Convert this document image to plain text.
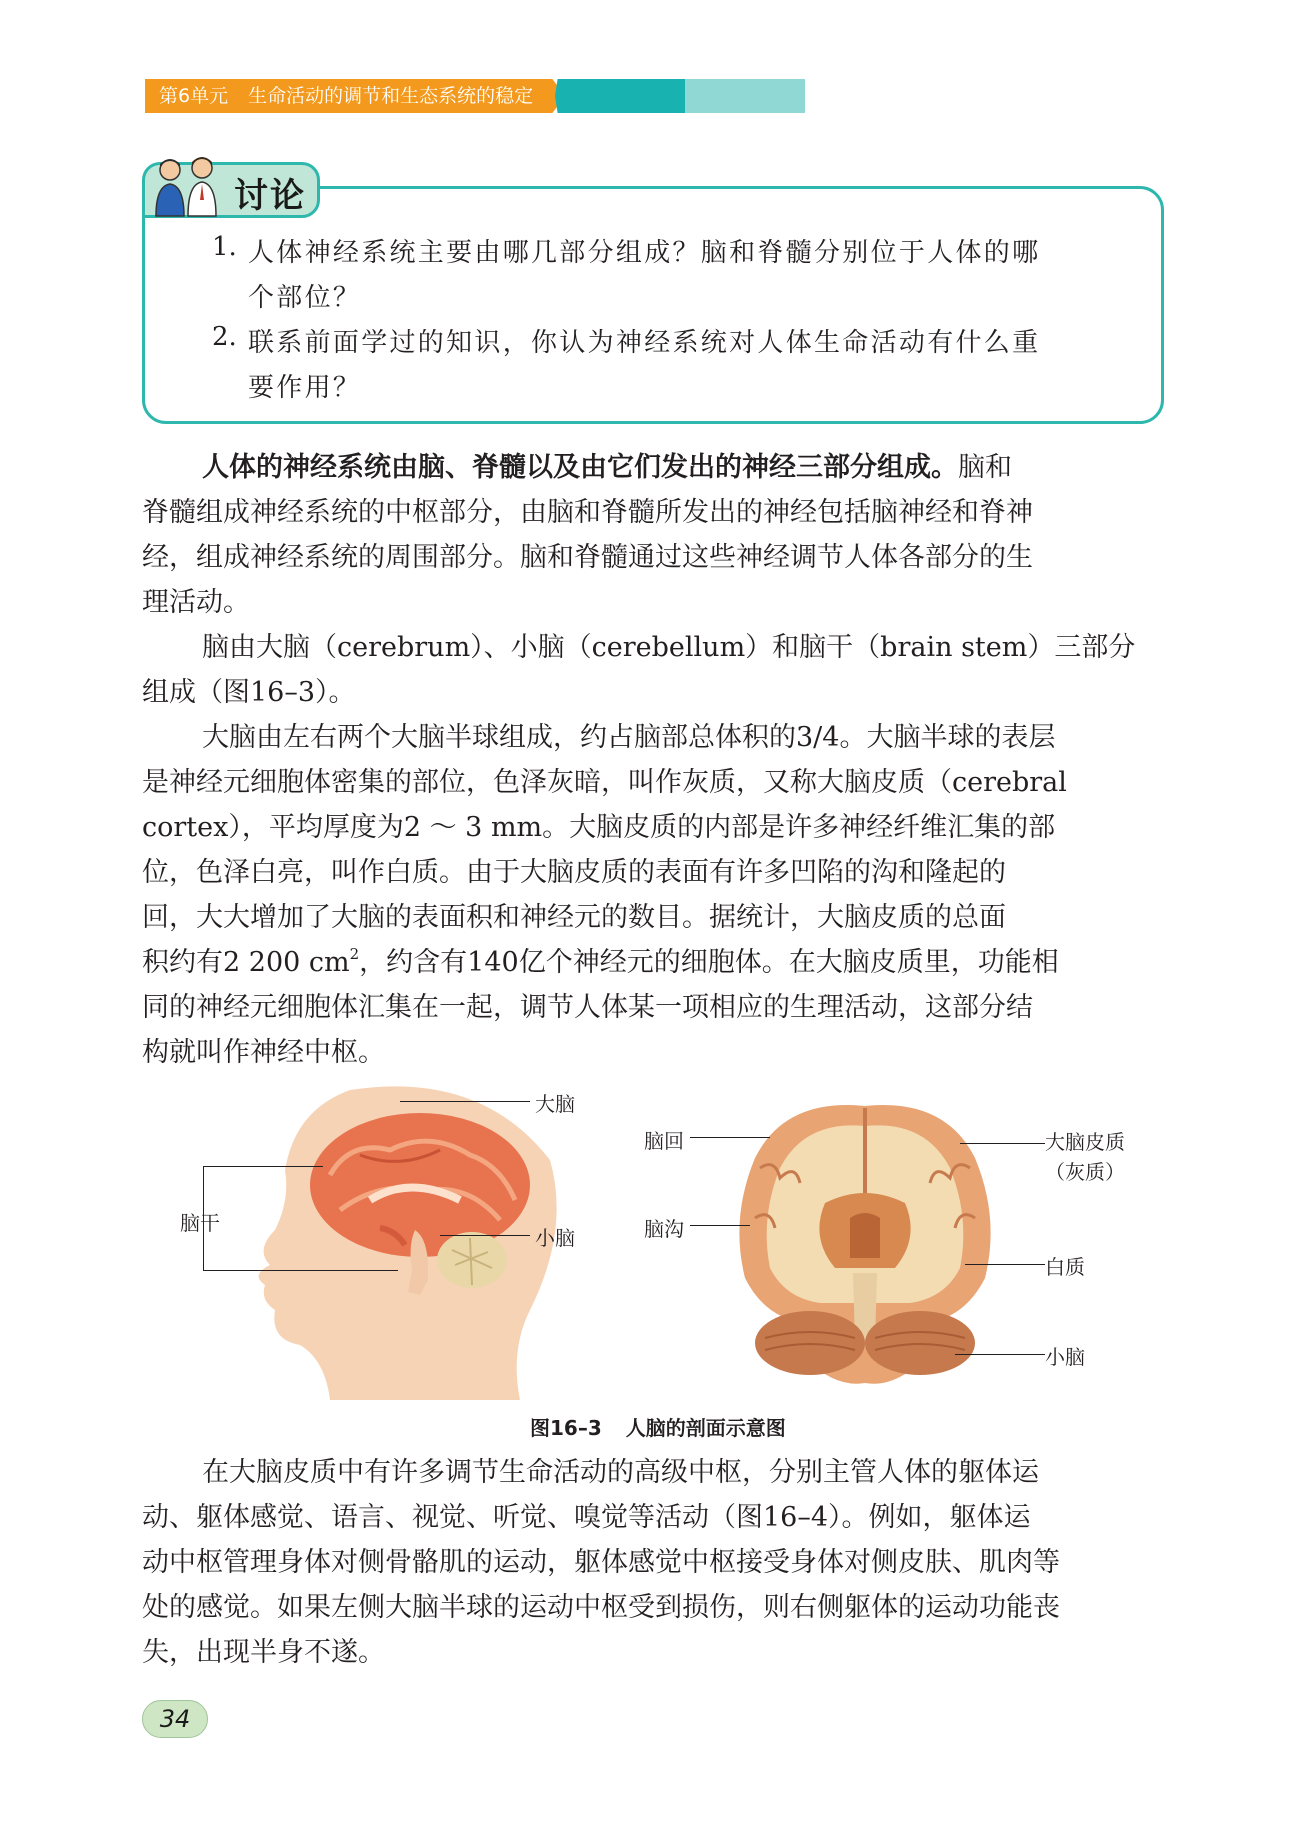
第6单元 生命活动的调节和生态系统的稳定
讨论
1. 人体神经系统主要由哪几部分组成？脑和脊髓分别位于人体的哪
个部位？
2. 联系前面学过的知识，你认为神经系统对人体生命活动有什么重
要作用？
人体的神经系统由脑、脊髓以及由它们发出的神经三部分组成。脑和
脊髓组成神经系统的中枢部分，由脑和脊髓所发出的神经包括脑神经和脊神
经，组成神经系统的周围部分。脑和脊髓通过这些神经调节人体各部分的生
理活动。
脑由大脑（cerebrum）、小脑（cerebellum）和脑干（brain stem）三部分
组成（图16–3）。
大脑由左右两个大脑半球组成，约占脑部总体积的3/4。大脑半球的表层
是神经元细胞体密集的部位，色泽灰暗，叫作灰质，又称大脑皮质（cerebral
cortex），平均厚度为2 ～ 3 mm。大脑皮质的内部是许多神经纤维汇集的部
位，色泽白亮，叫作白质。由于大脑皮质的表面有许多凹陷的沟和隆起的
回，大大增加了大脑的表面积和神经元的数目。据统计，大脑皮质的总面
积约有2 200 $cm^2$，约含有140亿个神经元的细胞体。在大脑皮质里，功能相
同的神经元细胞体汇集在一起，调节人体某一项相应的生理活动，这部分结
构就叫作神经中枢。
大脑
小脑
脑干
脑回
脑沟
大脑皮质
（灰质）
白质
小脑
图16–3 人脑的剖面示意图
在大脑皮质中有许多调节生命活动的高级中枢，分别主管人体的躯体运
动、躯体感觉、语言、视觉、听觉、嗅觉等活动（图16–4）。例如，躯体运
动中枢管理身体对侧骨骼肌的运动，躯体感觉中枢接受身体对侧皮肤、肌肉等
处的感觉。如果左侧大脑半球的运动中枢受到损伤，则右侧躯体的运动功能丧
失，出现半身不遂。
34
